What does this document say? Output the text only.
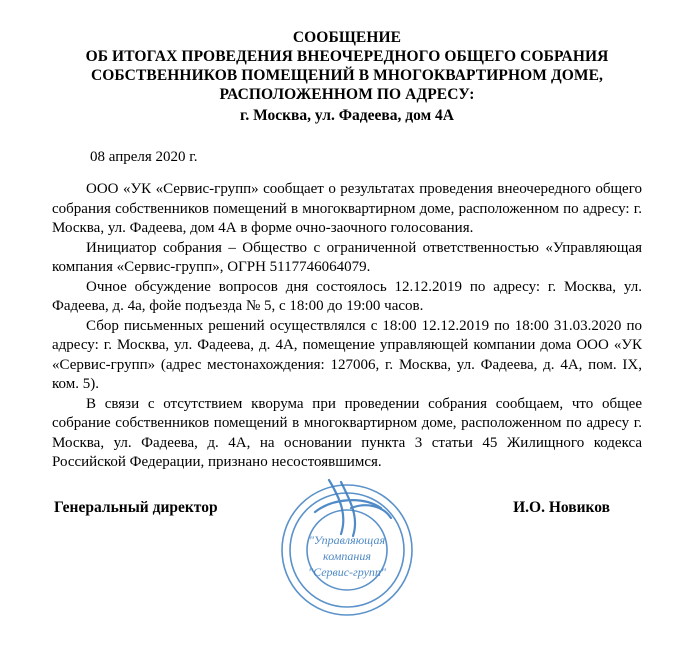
СООБЩЕНИЕ
ОБ ИТОГАХ ПРОВЕДЕНИЯ ВНЕОЧЕРЕДНОГО ОБЩЕГО СОБРАНИЯ
СОБСТВЕННИКОВ ПОМЕЩЕНИЙ В МНОГОКВАРТИРНОМ ДОМЕ,
РАСПОЛОЖЕННОМ ПО АДРЕСУ:
г. Москва, ул. Фадеева, дом 4А
08 апреля 2020 г.

ООО «УК «Сервис-групп» сообщает о результатах проведения внеочередного общего собрания собственников помещений в многоквартирном доме, расположенном по адресу: г. Москва, ул. Фадеева, дом 4А в форме очно-заочного голосования.

Инициатор собрания – Общество с ограниченной ответственностью «Управляющая компания «Сервис-групп», ОГРН 5117746064079.

Очное обсуждение вопросов дня состоялось 12.12.2019 по адресу: г. Москва, ул. Фадеева, д. 4а, фойе подъезда № 5, с 18:00 до 19:00 часов.

Сбор письменных решений осуществлялся с 18:00 12.12.2019 по 18:00 31.03.2020 по адресу: г. Москва, ул. Фадеева, д. 4А, помещение управляющей компании дома ООО «УК «Сервис-групп» (адрес местонахождения: 127006, г. Москва, ул. Фадеева, д. 4А, пом. IX, ком. 5).

В связи с отсутствием кворума при проведении собрания сообщаем, что общее собрание собственников помещений в многоквартирном доме, расположенном по адресу г. Москва, ул. Фадеева, д. 4А, на основании пункта 3 статьи 45 Жилищного кодекса Российской Федерации, признано несостоявшимся.

Генеральный директор	И.О. Новиков
"Управляющая
компания
"Сервис-групп"
